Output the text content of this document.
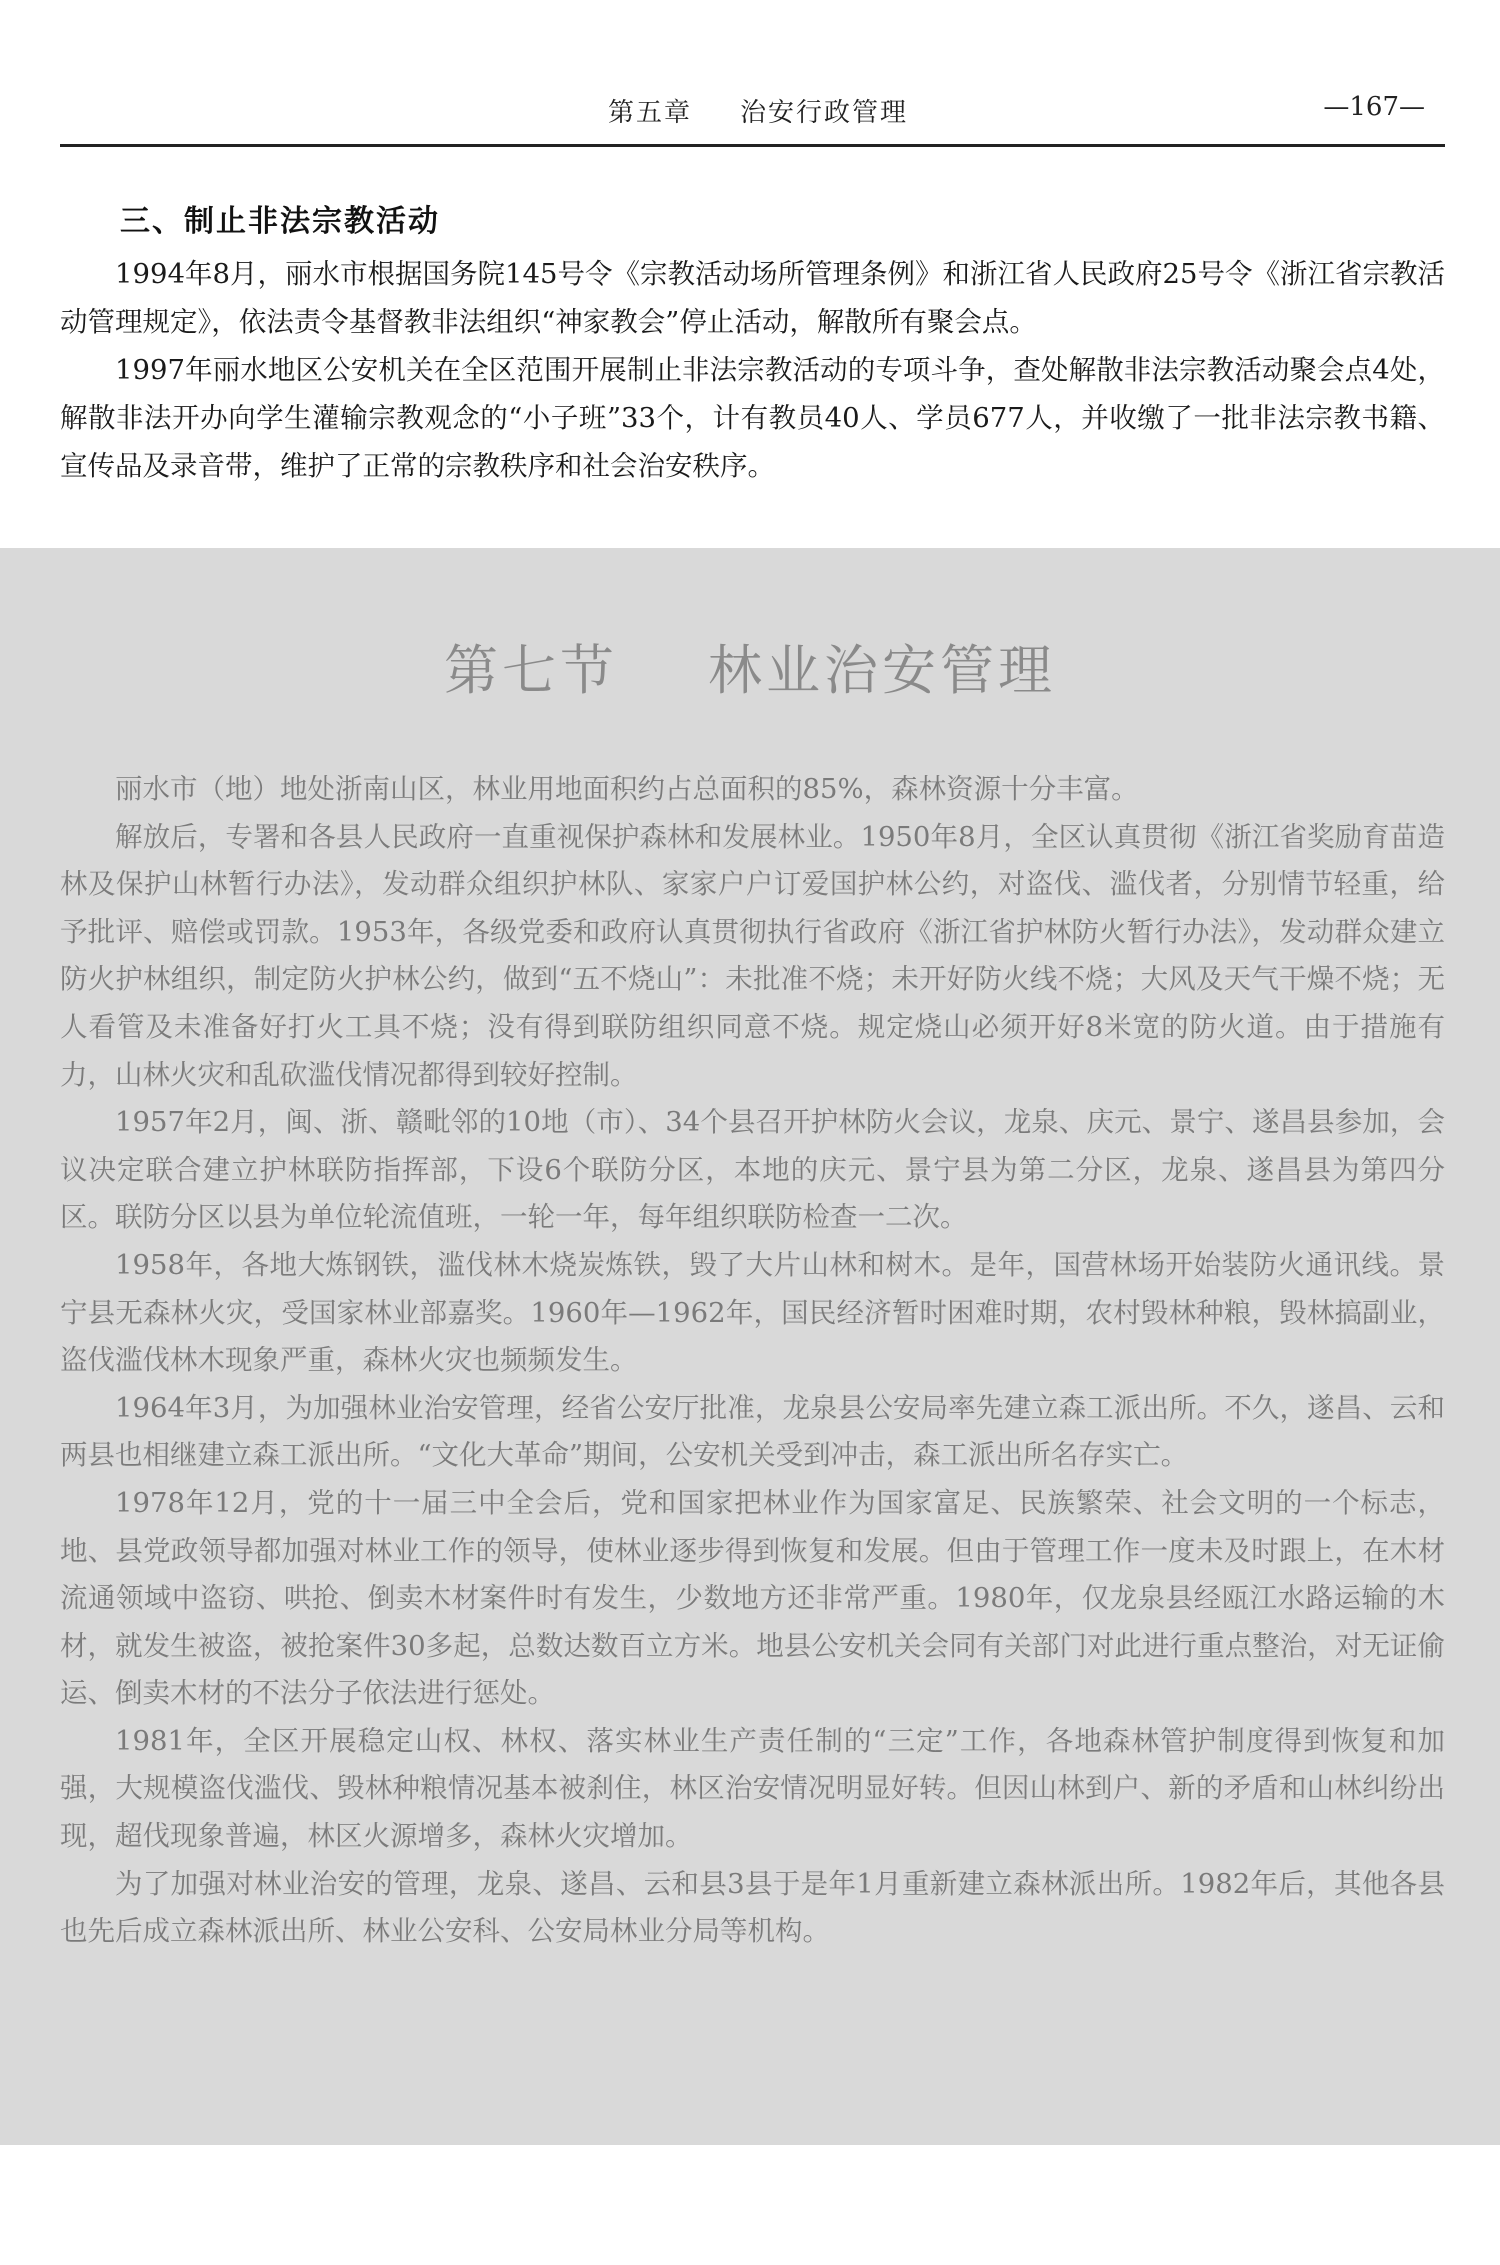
第五章 治安行政管理	—167—
三、制止非法宗教活动

1994年8月，丽水市根据国务院145号令《宗教活动场所管理条例》和浙江省人民政府25号令《浙江省宗教活动管理规定》，依法责令基督教非法组织“神家教会”停止活动，解散所有聚会点。

1997年丽水地区公安机关在全区范围开展制止非法宗教活动的专项斗争，查处解散非法宗教活动聚会点4处，解散非法开办向学生灌输宗教观念的“小子班”33个，计有教员40人、学员677人，并收缴了一批非法宗教书籍、宣传品及录音带，维护了正常的宗教秩序和社会治安秩序。

第七节 林业治安管理

丽水市（地）地处浙南山区，林业用地面积约占总面积的85%，森林资源十分丰富。

解放后，专署和各县人民政府一直重视保护森林和发展林业。1950年8月，全区认真贯彻《浙江省奖励育苗造林及保护山林暂行办法》，发动群众组织护林队、家家户户订爱国护林公约，对盗伐、滥伐者，分别情节轻重，给予批评、赔偿或罚款。1953年，各级党委和政府认真贯彻执行省政府《浙江省护林防火暂行办法》，发动群众建立防火护林组织，制定防火护林公约，做到“五不烧山”：未批准不烧；未开好防火线不烧；大风及天气干燥不烧；无人看管及未准备好打火工具不烧；没有得到联防组织同意不烧。规定烧山必须开好8米宽的防火道。由于措施有力，山林火灾和乱砍滥伐情况都得到较好控制。

1957年2月，闽、浙、赣毗邻的10地（市）、34个县召开护林防火会议，龙泉、庆元、景宁、遂昌县参加，会议决定联合建立护林联防指挥部，下设6个联防分区，本地的庆元、景宁县为第二分区，龙泉、遂昌县为第四分区。联防分区以县为单位轮流值班，一轮一年，每年组织联防检查一二次。

1958年，各地大炼钢铁，滥伐林木烧炭炼铁，毁了大片山林和树木。是年，国营林场开始装防火通讯线。景宁县无森林火灾，受国家林业部嘉奖。1960年—1962年，国民经济暂时困难时期，农村毁林种粮，毁林搞副业，盗伐滥伐林木现象严重，森林火灾也频频发生。

1964年3月，为加强林业治安管理，经省公安厅批准，龙泉县公安局率先建立森工派出所。不久，遂昌、云和两县也相继建立森工派出所。“文化大革命”期间，公安机关受到冲击，森工派出所名存实亡。

1978年12月，党的十一届三中全会后，党和国家把林业作为国家富足、民族繁荣、社会文明的一个标志，地、县党政领导都加强对林业工作的领导，使林业逐步得到恢复和发展。但由于管理工作一度未及时跟上，在木材流通领域中盗窃、哄抢、倒卖木材案件时有发生，少数地方还非常严重。1980年，仅龙泉县经瓯江水路运输的木材，就发生被盗，被抢案件30多起，总数达数百立方米。地县公安机关会同有关部门对此进行重点整治，对无证偷运、倒卖木材的不法分子依法进行惩处。

1981年，全区开展稳定山权、林权、落实林业生产责任制的“三定”工作，各地森林管护制度得到恢复和加强，大规模盗伐滥伐、毁林种粮情况基本被刹住，林区治安情况明显好转。但因山林到户、新的矛盾和山林纠纷出现，超伐现象普遍，林区火源增多，森林火灾增加。

为了加强对林业治安的管理，龙泉、遂昌、云和县3县于是年1月重新建立森林派出所。1982年后，其他各县也先后成立森林派出所、林业公安科、公安局林业分局等机构。
